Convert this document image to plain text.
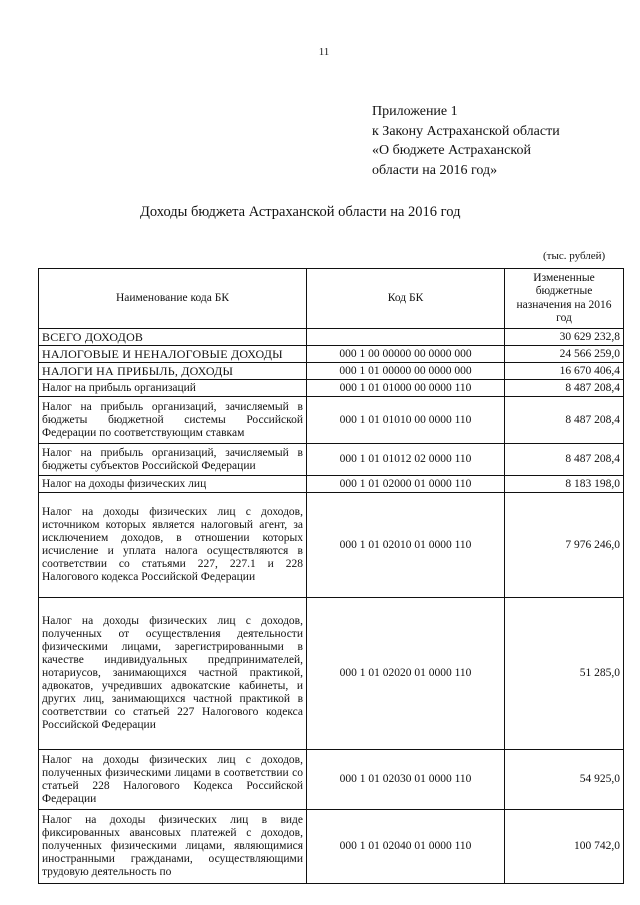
11
Приложение 1
к Закону Астраханской области
«О бюджете Астраханской
области на 2016 год»
Доходы бюджета Астраханской области на 2016 год
(тыс. рублей)
Наименование кода БК	Код БК	Измененные бюджетные назначения на 2016 год
ВСЕГО ДОХОДОВ		30 629 232,8
НАЛОГОВЫЕ И НЕНАЛОГОВЫЕ ДОХОДЫ	000 1 00 00000 00 0000 000	24 566 259,0
НАЛОГИ НА ПРИБЫЛЬ, ДОХОДЫ	000 1 01 00000 00 0000 000	16 670 406,4
Налог на прибыль организаций	000 1 01 01000 00 0000 110	8 487 208,4
Налог на прибыль организаций, зачисляемый в бюджеты бюджетной системы Российской Федерации по соответствующим ставкам	000 1 01 01010 00 0000 110	8 487 208,4
Налог на прибыль организаций, зачисляемый в бюджеты субъектов Российской Федерации	000 1 01 01012 02 0000 110	8 487 208,4
Налог на доходы физических лиц	000 1 01 02000 01 0000 110	8 183 198,0
Налог на доходы физических лиц с доходов, источником которых является налоговый агент, за исключением доходов, в отношении которых исчисление и уплата налога осуществляются в соответствии со статьями 227, 227.1 и 228 Налогового кодекса Российской Федерации	000 1 01 02010 01 0000 110	7 976 246,0
Налог на доходы физических лиц с доходов, полученных от осуществления деятельности физическими лицами, зарегистрированными в качестве индивидуальных предпринимателей, нотариусов, занимающихся частной практикой, адвокатов, учредивших адвокатские кабинеты, и других лиц, занимающихся частной практикой в соответствии со статьей 227 Налогового кодекса Российской Федерации	000 1 01 02020 01 0000 110	51 285,0
Налог на доходы физических лиц с доходов, полученных физическими лицами в соответствии со статьей 228 Налогового Кодекса Российской Федерации	000 1 01 02030 01 0000 110	54 925,0
Налог на доходы физических лиц в виде фиксированных авансовых платежей с доходов, полученных физическими лицами, являющимися иностранными гражданами, осуществляющими трудовую деятельность по	000 1 01 02040 01 0000 110	100 742,0
